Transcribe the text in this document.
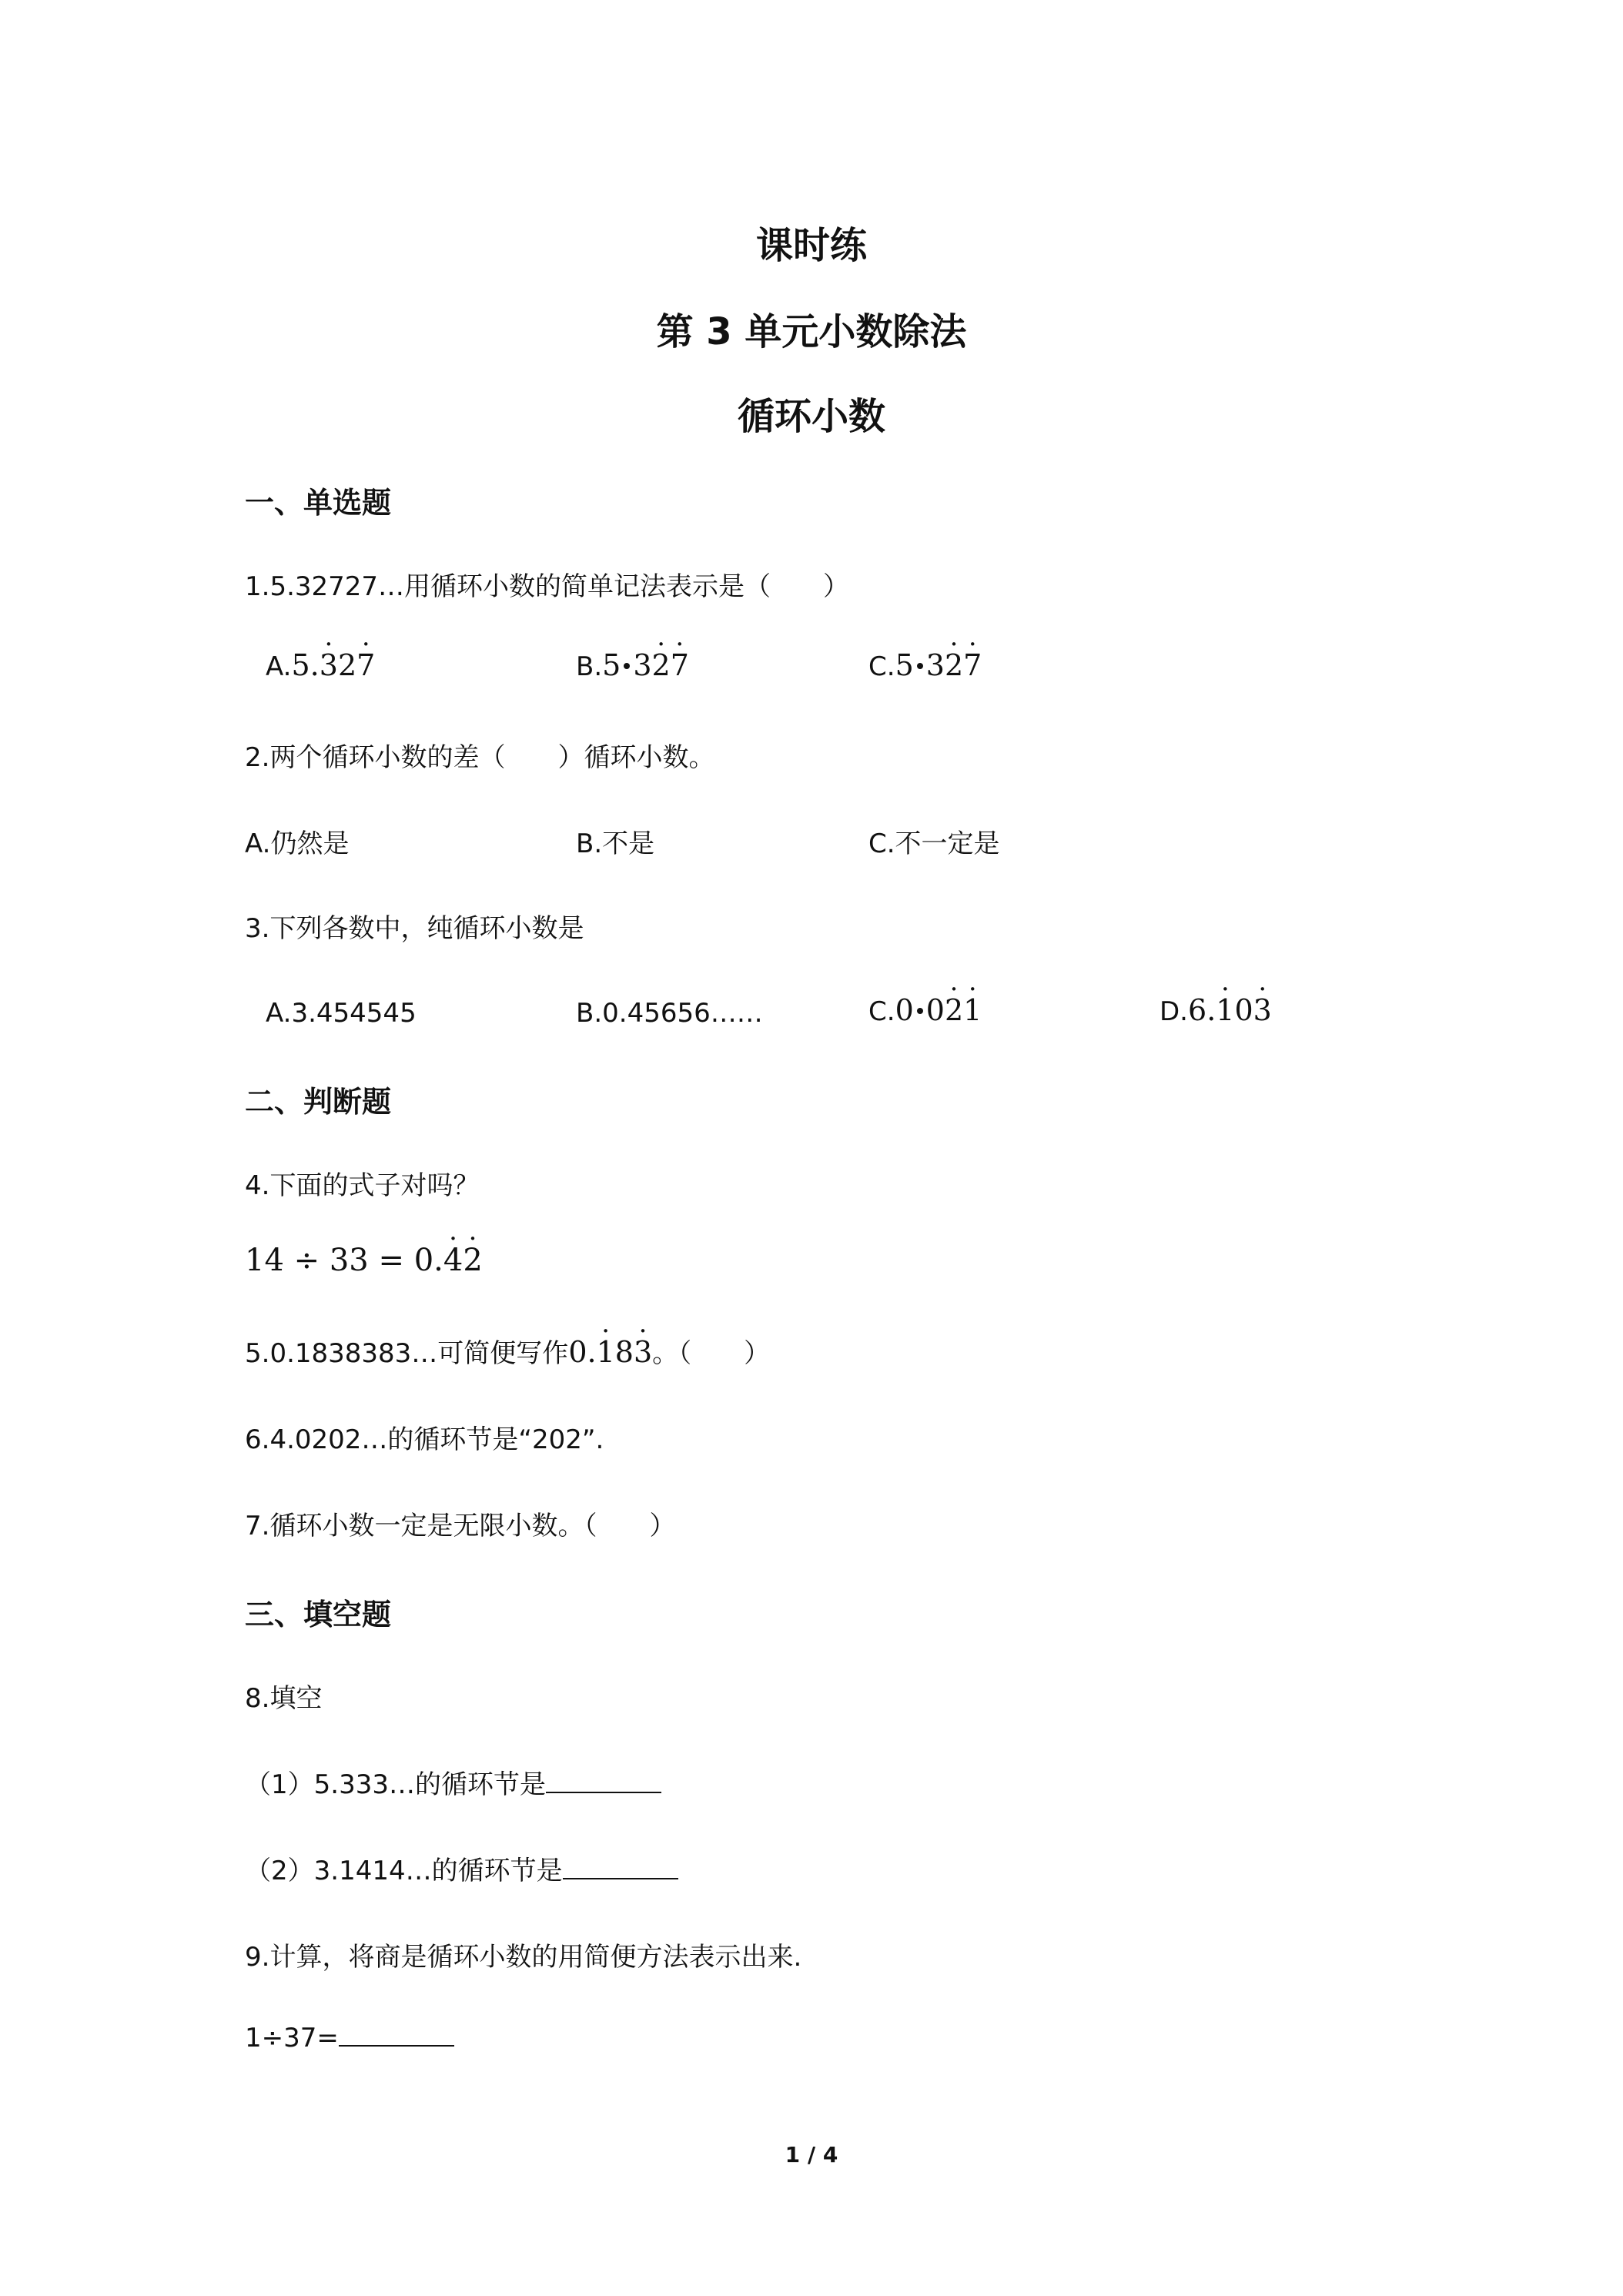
课时练
第 3 单元小数除法
循环小数
一、单选题
1.5.32727…用循环小数的简单记法表示是（　　）
A.5.· 32· 7	B.5 3· 2· 7	C.5 3· 2· 7
2.两个循环小数的差（　　）循环小数。
A.仍然是	B.不是	C.不一定是
3.下列各数中，纯循环小数是
A.3.454545	B.0.45656……	C.0 0· 2· 1	D.6.· 10· 3
二、判断题
4.下面的式子对吗？
14 ÷ 33 = 0.· 4· 2
5.0.1838383…可简便写作0.· 18· 3。（　　）
6.4.0202…的循环节是“202”.
7.循环小数一定是无限小数。（　　）
三、填空题
8.填空
（1）5.333…的循环节是
（2）3.1414…的循环节是
9.计算，将商是循环小数的用简便方法表示出来.
1÷37=
1 / 4
